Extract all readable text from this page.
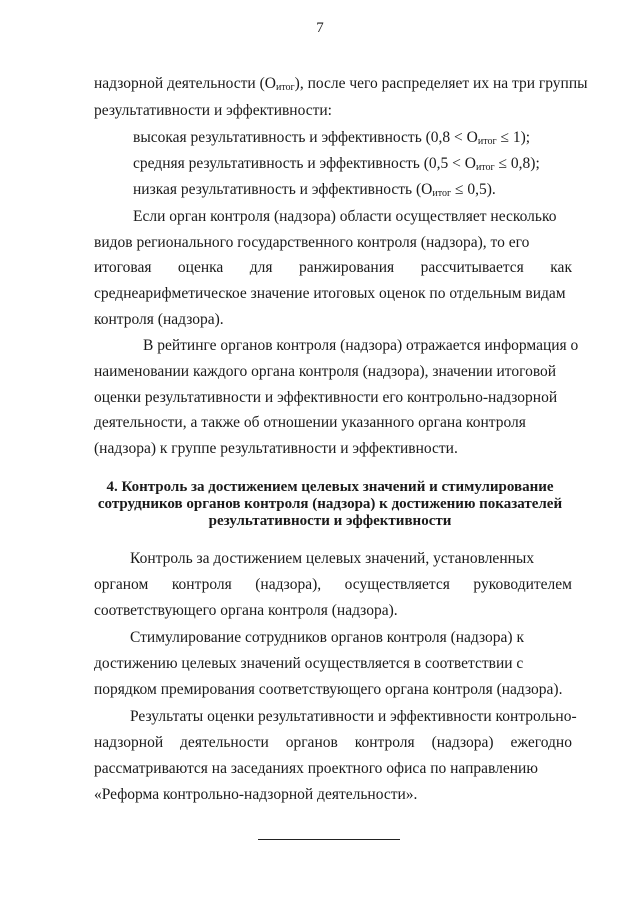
7
надзорной деятельности $(O_{итог})$, после чего распределяет их на три группы
результативности и эффективности:
высокая результативность и эффективность $(0,8 < O_{итог} \le 1)$;
средняя результативность и эффективность $(0,5 < O_{итог} \le 0,8)$;
низкая результативность и эффективность $(O_{итог} \le 0,5)$.
Если орган контроля (надзора) области осуществляет несколько
видов регионального государственного контроля (надзора), то его
итоговая оценка для ранжирования рассчитывается как
среднеарифметическое значение итоговых оценок по отдельным видам
контроля (надзора).
В рейтинге органов контроля (надзора) отражается информация о
наименовании каждого органа контроля (надзора), значении итоговой
оценки результативности и эффективности его контрольно-надзорной
деятельности, а также об отношении указанного органа контроля
(надзора) к группе результативности и эффективности.
4. Контроль за достижением целевых значений и стимулирование
сотрудников органов контроля (надзора) к достижению показателей
результативности и эффективности
Контроль за достижением целевых значений, установленных
органом контроля (надзора), осуществляется руководителем
соответствующего органа контроля (надзора).
Стимулирование сотрудников органов контроля (надзора) к
достижению целевых значений осуществляется в соответствии с
порядком премирования соответствующего органа контроля (надзора).
Результаты оценки результативности и эффективности контрольно-
надзорной деятельности органов контроля (надзора) ежегодно
рассматриваются на заседаниях проектного офиса по направлению
«Реформа контрольно-надзорной деятельности».
